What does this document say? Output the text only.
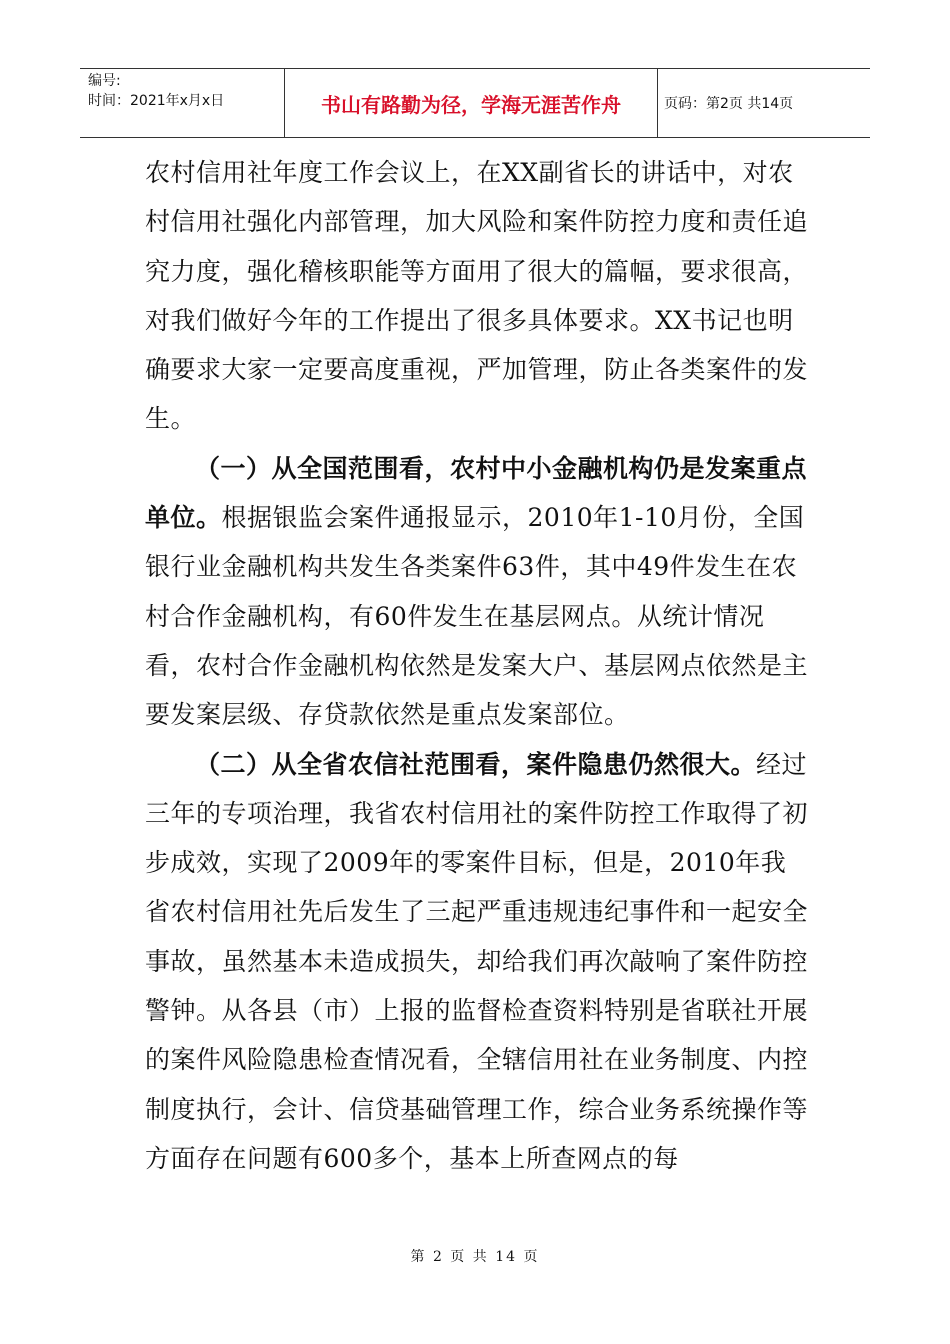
编号:
时间：2021年x月x日	书山有路勤为径，学海无涯苦作舟	页码：第2页 共14页

农村信用社年度工作会议上，在XX副省长的讲话中，对农村信用社强化内部管理，加大风险和案件防控力度和责任追究力度，强化稽核职能等方面用了很大的篇幅，要求很高，对我们做好今年的工作提出了很多具体要求。XX书记也明确要求大家一定要高度重视，严加管理，防止各类案件的发生。

（一）从全国范围看，农村中小金融机构仍是发案重点单位。根据银监会案件通报显示，2010年1-10月份，全国银行业金融机构共发生各类案件63件，其中49件发生在农村合作金融机构，有60件发生在基层网点。从统计情况看，农村合作金融机构依然是发案大户、基层网点依然是主要发案层级、存贷款依然是重点发案部位。

（二）从全省农信社范围看，案件隐患仍然很大。经过三年的专项治理，我省农村信用社的案件防控工作取得了初步成效，实现了2009年的零案件目标，但是，2010年我省农村信用社先后发生了三起严重违规违纪事件和一起安全事故，虽然基本未造成损失，却给我们再次敲响了案件防控警钟。从各县（市）上报的监督检查资料特别是省联社开展的案件风险隐患检查情况看，全辖信用社在业务制度、内控制度执行，会计、信贷基础管理工作，综合业务系统操作等方面存在问题有600多个，基本上所查网点的每

第 2 页 共 14 页
